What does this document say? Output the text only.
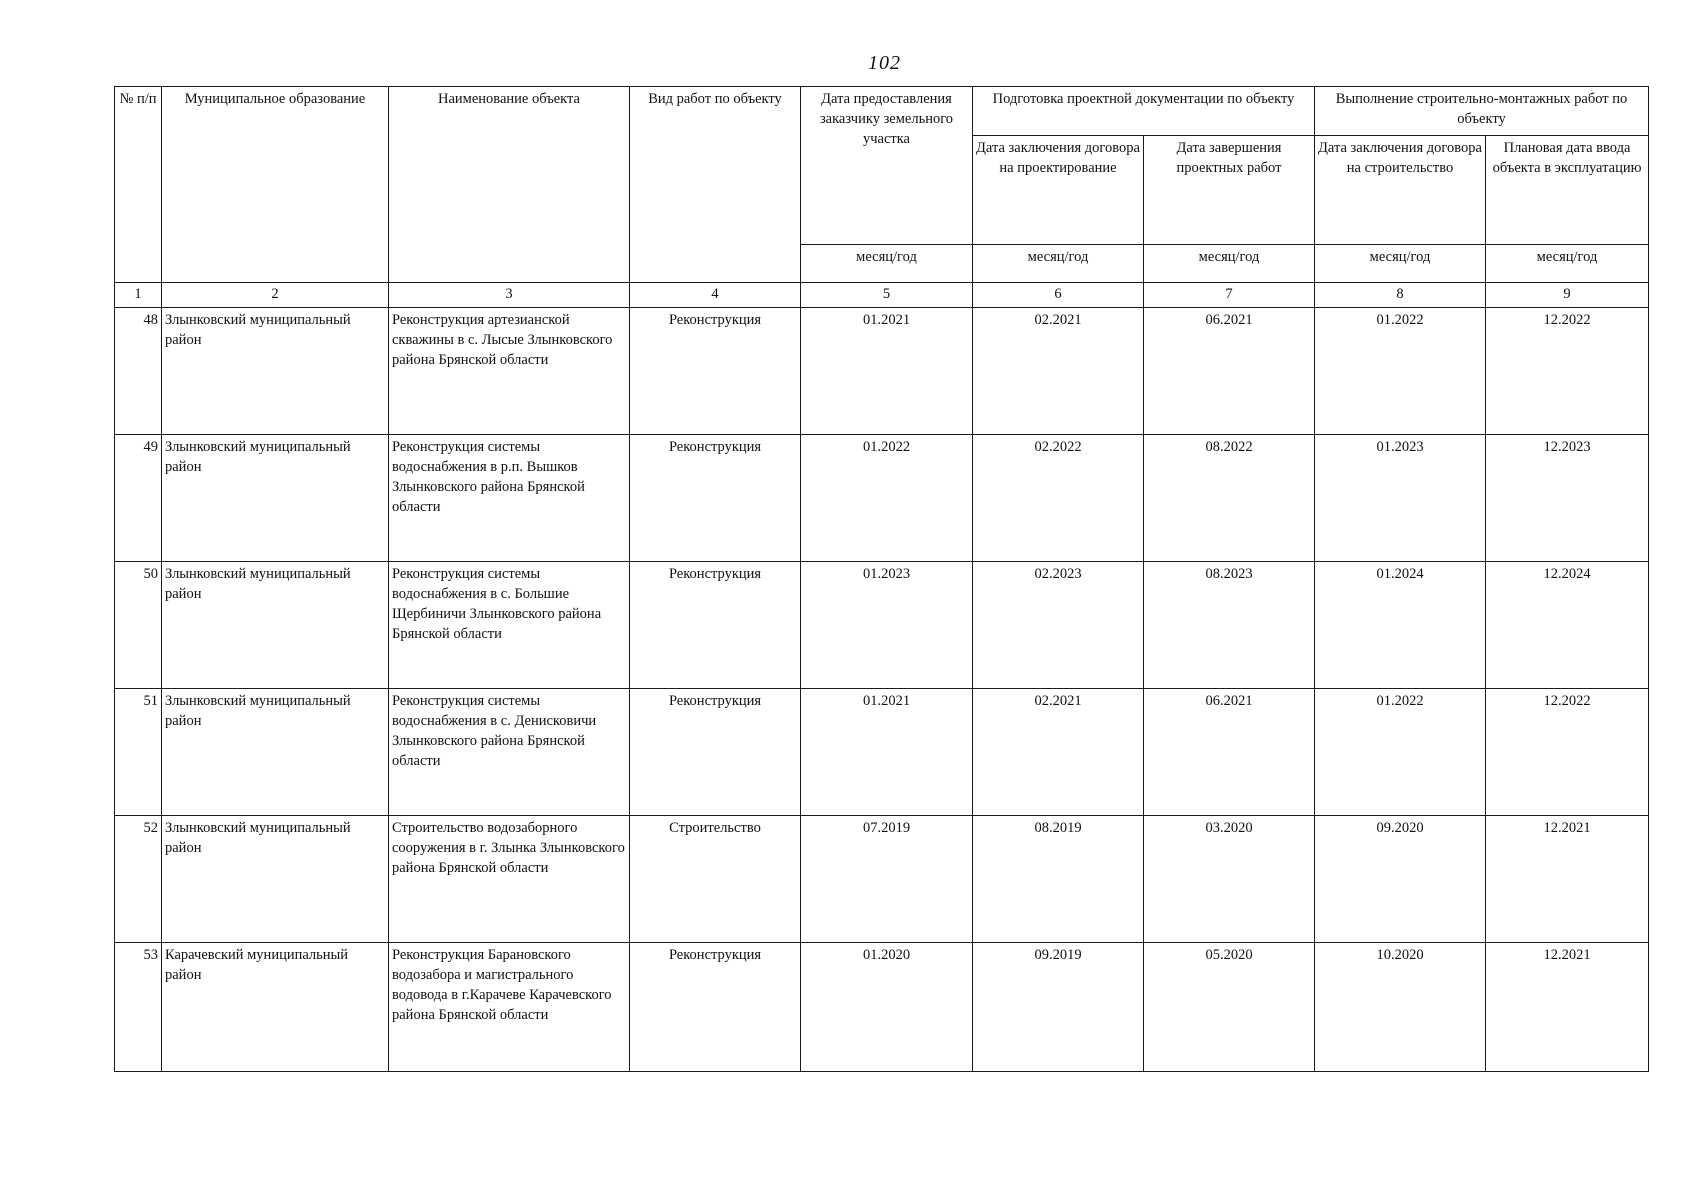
102
№ п/п	Муниципальное образование	Наименование объекта	Вид работ по объекту	Дата предоставления заказчику земельного участка	Подготовка проектной документации по объекту		Выполнение строительно-монтажных работ по объекту	
					Дата заключения договора на проектирование	Дата завершения проектных работ	Дата заключения договора на строительство	Плановая дата ввода объекта в эксплуатацию
				месяц/год	месяц/год	месяц/год	месяц/год	месяц/год
1	2	3	4	5	6	7	8	9
48	Злынковский муниципальный район	Реконструкция артезианской скважины в с. Лысые Злынковского района Брянской области	Реконструкция	01.2021	02.2021	06.2021	01.2022	12.2022
49	Злынковский муниципальный район	Реконструкция системы водоснабжения в р.п. Вышков Злынковского района Брянской области	Реконструкция	01.2022	02.2022	08.2022	01.2023	12.2023
50	Злынковский муниципальный район	Реконструкция системы водоснабжения в с. Большие Щербиничи Злынковского района Брянской области	Реконструкция	01.2023	02.2023	08.2023	01.2024	12.2024
51	Злынковский муниципальный район	Реконструкция системы водоснабжения в с. Денисковичи Злынковского района Брянской области	Реконструкция	01.2021	02.2021	06.2021	01.2022	12.2022
52	Злынковский муниципальный район	Строительство водозаборного сооружения в г. Злынка Злынковского района Брянской области	Строительство	07.2019	08.2019	03.2020	09.2020	12.2021
53	Карачевский муниципальный район	Реконструкция Барановского водозабора и магистрального водовода в г.Карачеве Карачевского района Брянской области	Реконструкция	01.2020	09.2019	05.2020	10.2020	12.2021
